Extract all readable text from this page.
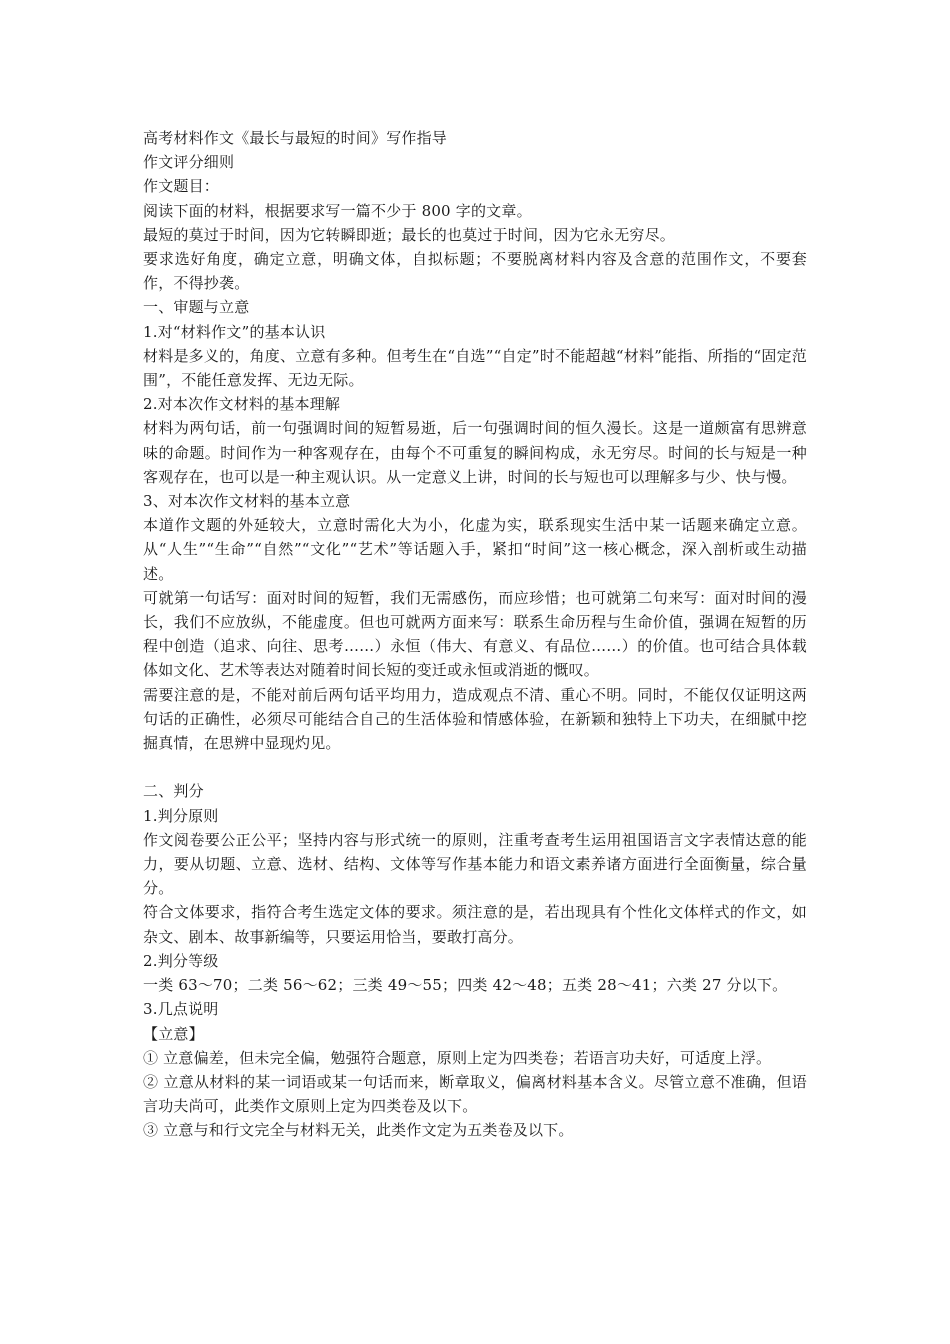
高考材料作文《最长与最短的时间》写作指导
作文评分细则
作文题目：
阅读下面的材料，根据要求写一篇不少于 800 字的文章。
最短的莫过于时间，因为它转瞬即逝；最长的也莫过于时间，因为它永无穷尽。
要求选好角度，确定立意，明确文体，自拟标题；不要脱离材料内容及含意的范围作文，不要套作，不得抄袭。
一、审题与立意
1.对“材料作文”的基本认识
材料是多义的，角度、立意有多种。但考生在“自选”“自定”时不能超越“材料”能指、所指的“固定范围”，不能任意发挥、无边无际。
2.对本次作文材料的基本理解
材料为两句话，前一句强调时间的短暂易逝，后一句强调时间的恒久漫长。这是一道颇富有思辨意味的命题。时间作为一种客观存在，由每个不可重复的瞬间构成，永无穷尽。时间的长与短是一种客观存在，也可以是一种主观认识。从一定意义上讲，时间的长与短也可以理解多与少、快与慢。
3、对本次作文材料的基本立意
本道作文题的外延较大，立意时需化大为小，化虚为实，联系现实生活中某一话题来确定立意。从“人生”“生命”“自然”“文化”“艺术”等话题入手，紧扣“时间”这一核心概念，深入剖析或生动描述。
可就第一句话写：面对时间的短暂，我们无需感伤，而应珍惜；也可就第二句来写：面对时间的漫长，我们不应放纵，不能虚度。但也可就两方面来写：联系生命历程与生命价值，强调在短暂的历程中创造（追求、向往、思考……）永恒（伟大、有意义、有品位……）的价值。也可结合具体载体如文化、艺术等表达对随着时间长短的变迁或永恒或消逝的慨叹。
需要注意的是，不能对前后两句话平均用力，造成观点不清、重心不明。同时，不能仅仅证明这两句话的正确性，必须尽可能结合自己的生活体验和情感体验，在新颖和独特上下功夫，在细腻中挖掘真情，在思辨中显现灼见。
二、判分
1.判分原则
作文阅卷要公正公平；坚持内容与形式统一的原则，注重考查考生运用祖国语言文字表情达意的能力，要从切题、立意、选材、结构、文体等写作基本能力和语文素养诸方面进行全面衡量，综合量分。
符合文体要求，指符合考生选定文体的要求。须注意的是，若出现具有个性化文体样式的作文，如杂文、剧本、故事新编等，只要运用恰当，要敢打高分。
2.判分等级
一类 63～70；二类 56～62；三类 49～55；四类 42～48；五类 28～41；六类 27 分以下。
3.几点说明
【立意】
① 立意偏差，但未完全偏，勉强符合题意，原则上定为四类卷；若语言功夫好，可适度上浮。
② 立意从材料的某一词语或某一句话而来，断章取义，偏离材料基本含义。尽管立意不准确，但语言功夫尚可，此类作文原则上定为四类卷及以下。
③ 立意与和行文完全与材料无关，此类作文定为五类卷及以下。
